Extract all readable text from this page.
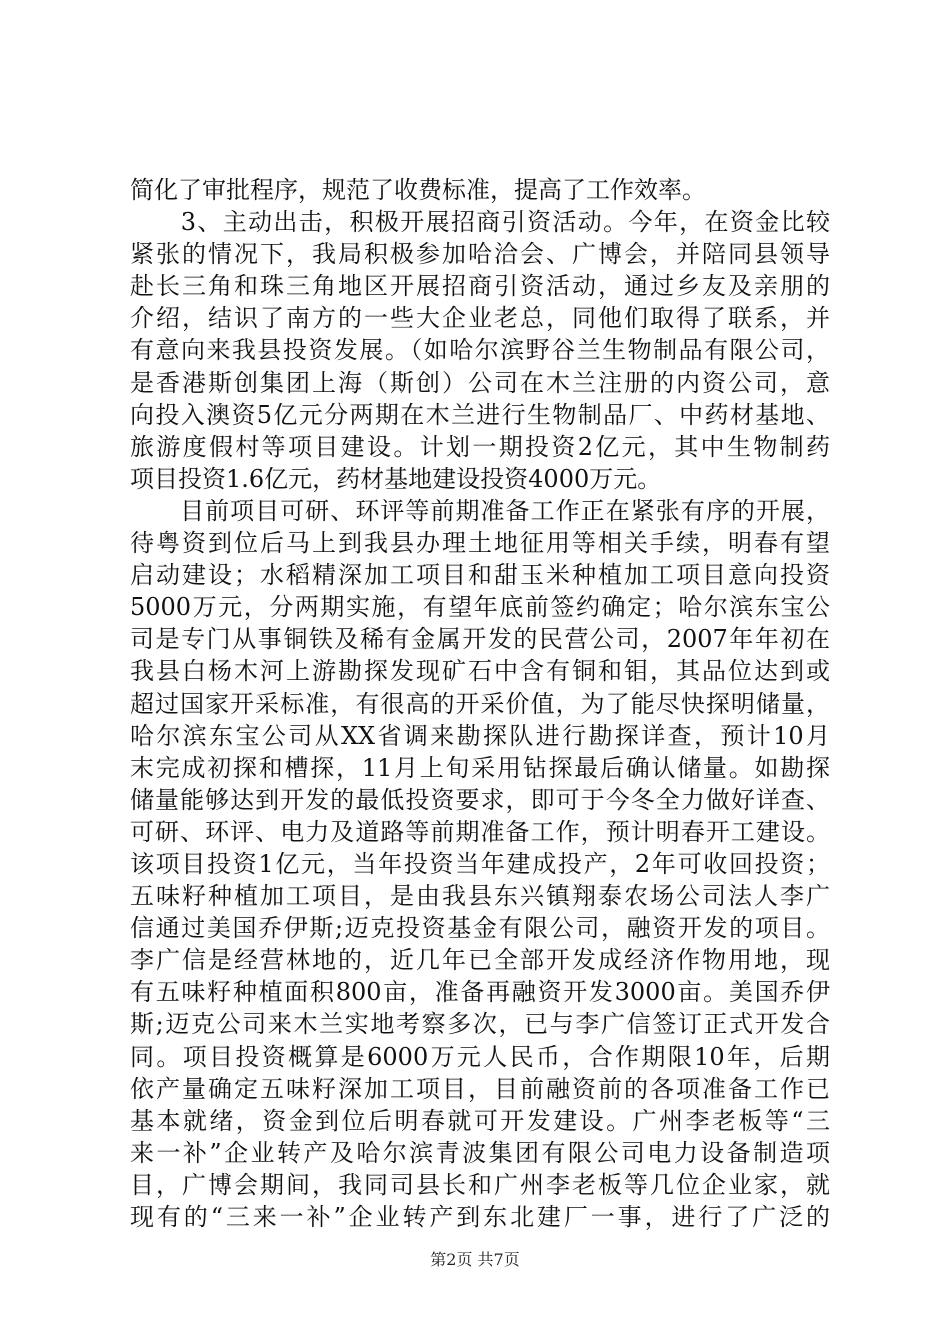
简化了审批程序，规范了收费标准，提高了工作效率。
　　3、主动出击，积极开展招商引资活动。今年，在资金比较
紧张的情况下，我局积极参加哈洽会、广博会，并陪同县领导
赴长三角和珠三角地区开展招商引资活动，通过乡友及亲朋的
介绍，结识了南方的一些大企业老总，同他们取得了联系，并
有意向来我县投资发展。（如哈尔滨野谷兰生物制品有限公司，
是香港斯创集团上海（斯创）公司在木兰注册的内资公司，意
向投入澳资5亿元分两期在木兰进行生物制品厂、中药材基地、
旅游度假村等项目建设。计划一期投资2亿元，其中生物制药
项目投资1.6亿元，药材基地建设投资4000万元。
　　目前项目可研、环评等前期准备工作正在紧张有序的开展，
待粤资到位后马上到我县办理土地征用等相关手续，明春有望
启动建设；水稻精深加工项目和甜玉米种植加工项目意向投资
5000万元，分两期实施，有望年底前签约确定；哈尔滨东宝公
司是专门从事铜铁及稀有金属开发的民营公司，2007年年初在
我县白杨木河上游勘探发现矿石中含有铜和钼，其品位达到或
超过国家开采标准，有很高的开采价值，为了能尽快探明储量，
哈尔滨东宝公司从XX省调来勘探队进行勘探详查，预计10月
末完成初探和槽探，11月上旬采用钻探最后确认储量。如勘探
储量能够达到开发的最低投资要求，即可于今冬全力做好详查、
可研、环评、电力及道路等前期准备工作，预计明春开工建设。
该项目投资1亿元，当年投资当年建成投产，2年可收回投资；
五味籽种植加工项目，是由我县东兴镇翔泰农场公司法人李广
信通过美国乔伊斯;迈克投资基金有限公司，融资开发的项目。
李广信是经营林地的，近几年已全部开发成经济作物用地，现
有五味籽种植面积800亩，准备再融资开发3000亩。美国乔伊
斯;迈克公司来木兰实地考察多次，已与李广信签订正式开发合
同。项目投资概算是6000万元人民币，合作期限10年，后期
依产量确定五味籽深加工项目，目前融资前的各项准备工作已
基本就绪，资金到位后明春就可开发建设。广州李老板等“三
来一补”企业转产及哈尔滨青波集团有限公司电力设备制造项
目，广博会期间，我同司县长和广州李老板等几位企业家，就
现有的“三来一补”企业转产到东北建厂一事，进行了广泛的
第2页 共7页
